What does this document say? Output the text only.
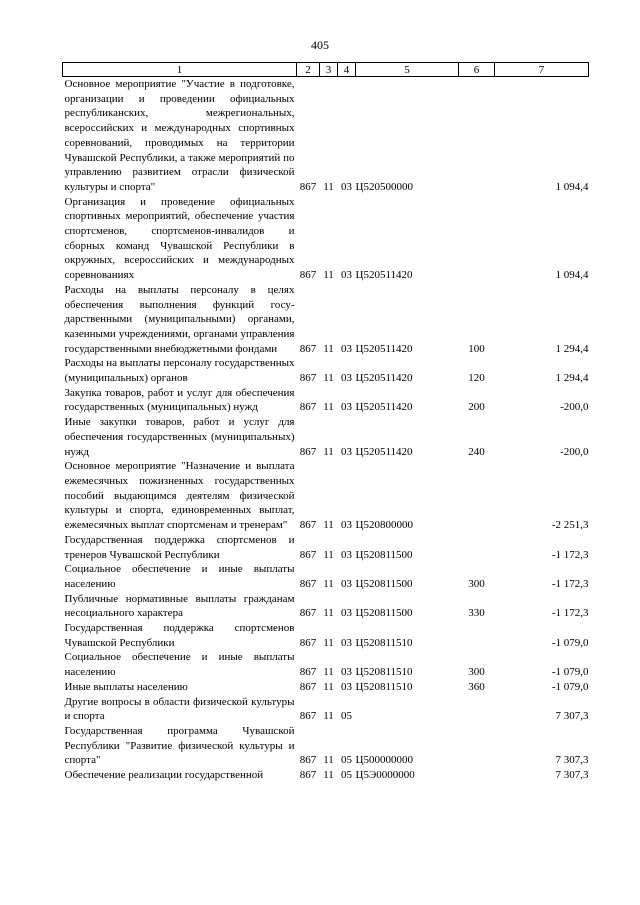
405
1	2	3	4	5	6	7
Основное мероприятие "Участие в подготовке, организации и проведении официальных республиканских, межрегиональных, всероссийских и международных спортивных соревнований, проводимых на территории Чувашской Республики, а также мероприятий по управлению развитием отрасли физической культуры и спорта"	867	11	03	Ц520500000		1 094,4
Организация и проведение официальных спортивных мероприятий, обеспечение участия спортсменов, спортсменов-инвалидов и сборных команд Чувашской Республики в окружных, всероссийских и международных соревнованиях	867	11	03	Ц520511420		1 094,4
Расходы на выплаты персоналу в целях обеспечения выполнения функций государственными (муниципальными) органами, казенными учреждениями, органами управления государственными внебюджетными фондами	867	11	03	Ц520511420	100	1 294,4
Расходы на выплаты персоналу государственных (муниципальных) органов	867	11	03	Ц520511420	120	1 294,4
Закупка товаров, работ и услуг для обеспечения государственных (муниципальных) нужд	867	11	03	Ц520511420	200	-200,0
Иные закупки товаров, работ и услуг для обеспечения государственных (муниципальных) нужд	867	11	03	Ц520511420	240	-200,0
Основное мероприятие "Назначение и выплата ежемесячных пожизненных государственных пособий выдающимся деятелям физической культуры и спорта, единовременных выплат, ежемесячных выплат спортсменам и тренерам"	867	11	03	Ц520800000		-2 251,3
Государственная поддержка спортсменов и тренеров Чувашской Республики	867	11	03	Ц520811500		-1 172,3
Социальное обеспечение и иные выплаты населению	867	11	03	Ц520811500	300	-1 172,3
Публичные нормативные выплаты гражданам несоциального характера	867	11	03	Ц520811500	330	-1 172,3
Государственная поддержка спортсменов Чувашской Республики	867	11	03	Ц520811510		-1 079,0
Социальное обеспечение и иные выплаты населению	867	11	03	Ц520811510	300	-1 079,0
Иные выплаты населению	867	11	03	Ц520811510	360	-1 079,0
Другие вопросы в области физической культуры и спорта	867	11	05			7 307,3
Государственная программа Чувашской Республики "Развитие физической культуры и спорта"	867	11	05	Ц500000000		7 307,3
Обеспечение реализации государственной	867	11	05	Ц5Э0000000		7 307,3
